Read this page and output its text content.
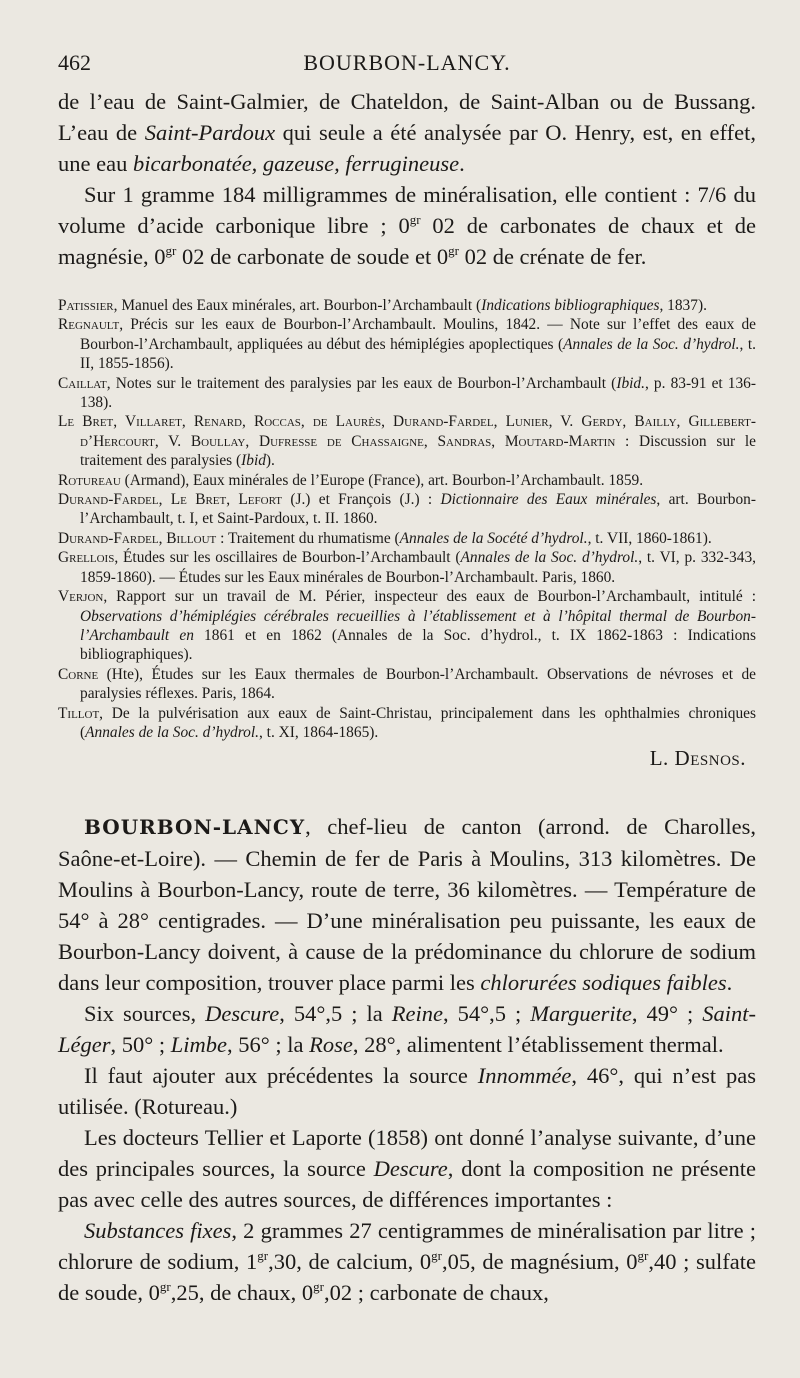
462	BOURBON-LANCY.

de l’eau de Saint-Galmier, de Chateldon, de Saint-Alban ou de Bussang. L’eau de Saint-Pardoux qui seule a été analysée par O. Henry, est, en effet, une eau bicarbonatée, gazeuse, ferrugineuse.

Sur 1 gramme 184 milligrammes de minéralisation, elle contient : 7/6 du volume d’acide carbonique libre ; $0^{gr}$ 02 de carbonates de chaux et de magnésie, $0^{gr}$ 02 de carbonate de soude et $0^{gr}$ 02 de crénate de fer.

Patissier, Manuel des Eaux minérales, art. Bourbon-l’Archambault (Indications bibliographiques, 1837).

Regnault, Précis sur les eaux de Bourbon-l’Archambault. Moulins, 1842. — Note sur l’effet des eaux de Bourbon-l’Archambault, appliquées au début des hémiplégies apoplectiques (Annales de la Soc. d’hydrol., t. II, 1855-1856).

Caillat, Notes sur le traitement des paralysies par les eaux de Bourbon-l’Archambault (Ibid., p. 83-91 et 136-138).

Le Bret, Villaret, Renard, Roccas, de Laurès, Durand-Fardel, Lunier, V. Gerdy, Bailly, Gillebert-d’Hercourt, V. Boullay, Dufresse de Chassaigne, Sandras, Moutard-Martin : Discussion sur le traitement des paralysies (Ibid).

Rotureau (Armand), Eaux minérales de l’Europe (France), art. Bourbon-l’Archambault. 1859.

Durand-Fardel, Le Bret, Lefort (J.) et François (J.) : Dictionnaire des Eaux minérales, art. Bourbon-l’Archambault, t. I, et Saint-Pardoux, t. II. 1860.

Durand-Fardel, Billout : Traitement du rhumatisme (Annales de la Socété d’hydrol., t. VII, 1860-1861).

Grellois, Études sur les oscillaires de Bourbon-l’Archambault (Annales de la Soc. d’hydrol., t. VI, p. 332-343, 1859-1860). — Études sur les Eaux minérales de Bourbon-l’Archambault. Paris, 1860.

Verjon, Rapport sur un travail de M. Périer, inspecteur des eaux de Bourbon-l’Archambault, intitulé : Observations d’hémiplégies cérébrales recueillies à l’établissement et à l’hôpital thermal de Bourbon-l’Archambault en 1861 et en 1862 (Annales de la Soc. d’hydrol., t. IX 1862-1863 : Indications bibliographiques).

Corne (Hte), Études sur les Eaux thermales de Bourbon-l’Archambault. Observations de névroses et de paralysies réflexes. Paris, 1864.

Tillot, De la pulvérisation aux eaux de Saint-Christau, principalement dans les ophthalmies chroniques (Annales de la Soc. d’hydrol., t. XI, 1864-1865).

L. Desnos.

BOURBON-LANCY, chef-lieu de canton (arrond. de Charolles, Saône-et-Loire). — Chemin de fer de Paris à Moulins, 313 kilomètres. De Moulins à Bourbon-Lancy, route de terre, 36 kilomètres. — Température de 54° à 28° centigrades. — D’une minéralisation peu puissante, les eaux de Bourbon-Lancy doivent, à cause de la prédominance du chlorure de sodium dans leur composition, trouver place parmi les chlorurées sodiques faibles.

Six sources, Descure, 54°,5 ; la Reine, 54°,5 ; Marguerite, 49° ; Saint-Léger, 50° ; Limbe, 56° ; la Rose, 28°, alimentent l’établissement thermal.

Il faut ajouter aux précédentes la source Innommée, 46°, qui n’est pas utilisée. (Rotureau.)

Les docteurs Tellier et Laporte (1858) ont donné l’analyse suivante, d’une des principales sources, la source Descure, dont la composition ne présente pas avec celle des autres sources, de différences importantes :

Substances fixes, 2 grammes 27 centigrammes de minéralisation par litre ; chlorure de sodium, $1^{gr},30$, de calcium, $0^{gr},05$, de magnésium, $0^{gr},40$ ; sulfate de soude, $0^{gr},25$, de chaux, $0^{gr},02$ ; carbonate de chaux,
